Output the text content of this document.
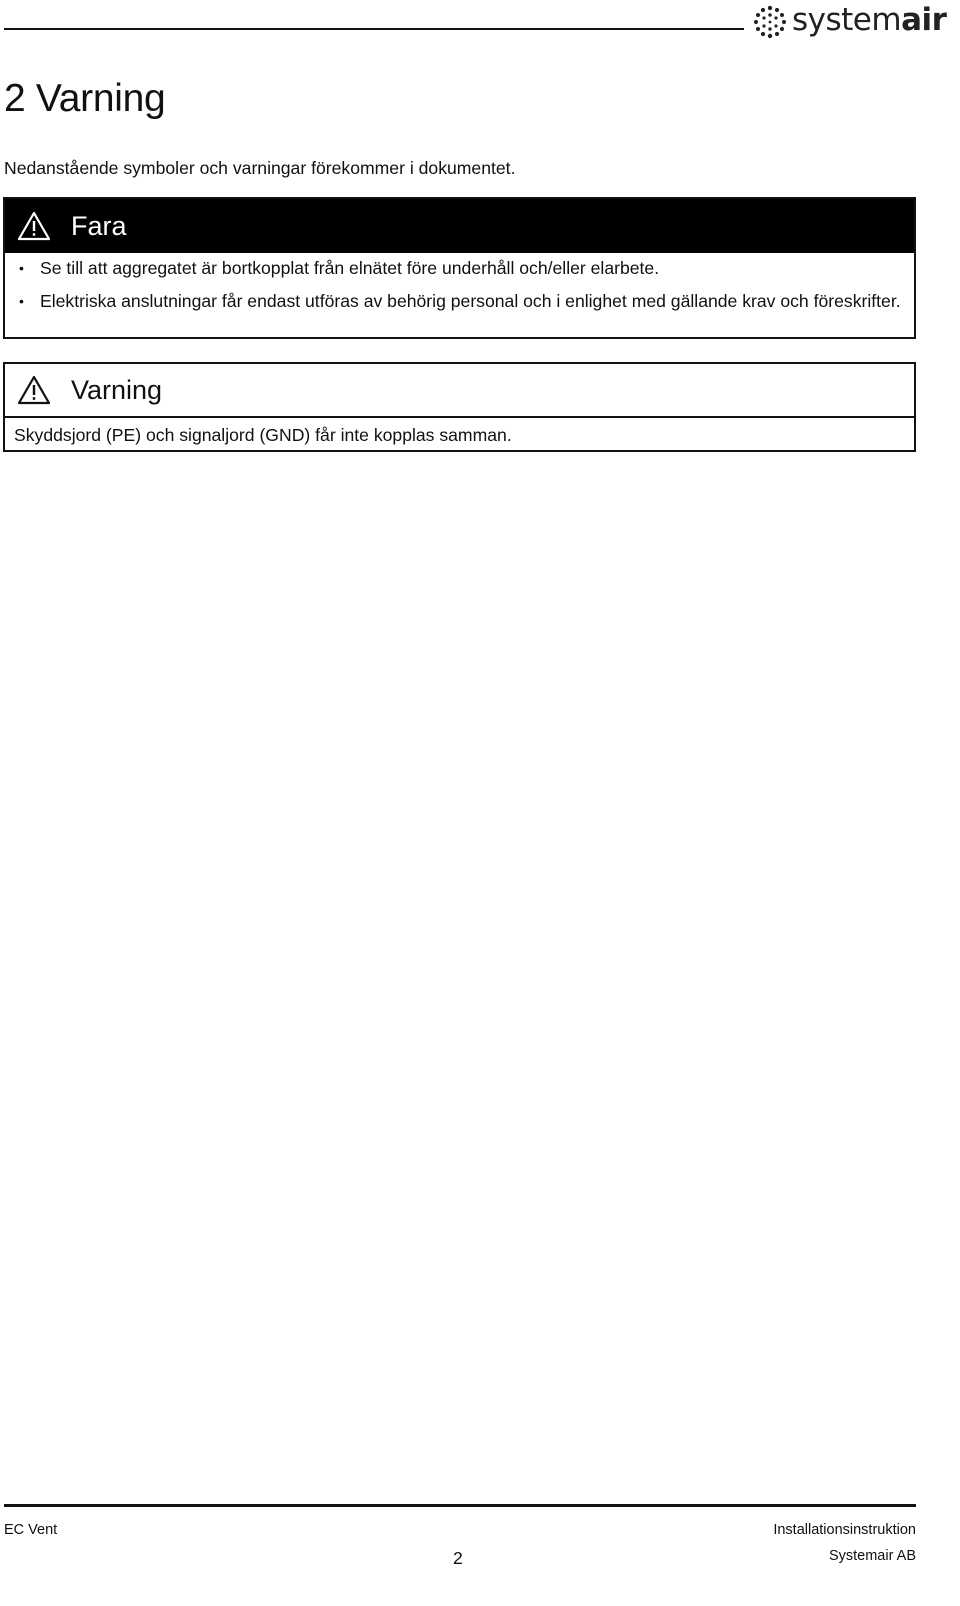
systemair
2 Varning

Nedanstående symboler och varningar förekommer i dokumentet.

Fara
• Se till att aggregatet är bortkopplat från elnätet före underhåll och/eller elarbete.
• Elektriska anslutningar får endast utföras av behörig personal och i enlighet med gällande krav och föreskrifter.
Varning

Skyddsjord (PE) och signaljord (GND) får inte kopplas samman.

EC Vent
2
Installationsinstruktion
Systemair AB
